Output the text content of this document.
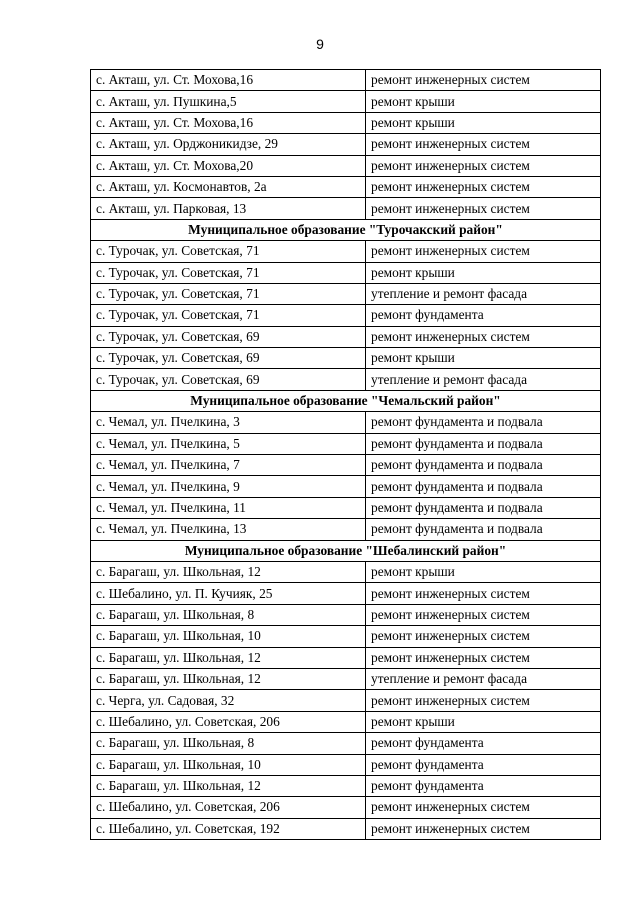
9
с. Акташ, ул. Ст. Мохова,16	ремонт инженерных систем
с. Акташ, ул. Пушкина,5	ремонт крыши
с. Акташ, ул. Ст. Мохова,16	ремонт крыши
с. Акташ, ул. Орджоникидзе, 29	ремонт инженерных систем
с. Акташ, ул. Ст. Мохова,20	ремонт инженерных систем
с. Акташ, ул. Космонавтов, 2а	ремонт инженерных систем
с. Акташ, ул. Парковая, 13	ремонт инженерных систем
Муниципальное образование "Турочакский район"	
с. Турочак, ул. Советская, 71	ремонт инженерных систем
с. Турочак, ул. Советская, 71	ремонт крыши
с. Турочак, ул. Советская, 71	утепление и ремонт фасада
с. Турочак, ул. Советская, 71	ремонт фундамента
с. Турочак, ул. Советская, 69	ремонт инженерных систем
с. Турочак, ул. Советская, 69	ремонт крыши
с. Турочак, ул. Советская, 69	утепление и ремонт фасада
Муниципальное образование "Чемальский район"	
с. Чемал, ул. Пчелкина, 3	ремонт фундамента и подвала
с. Чемал, ул. Пчелкина, 5	ремонт фундамента и подвала
с. Чемал, ул. Пчелкина, 7	ремонт фундамента и подвала
с. Чемал, ул. Пчелкина, 9	ремонт фундамента и подвала
с. Чемал, ул. Пчелкина, 11	ремонт фундамента и подвала
с. Чемал, ул. Пчелкина, 13	ремонт фундамента и подвала
Муниципальное образование "Шебалинский район"	
с. Барагаш, ул. Школьная, 12	ремонт крыши
с. Шебалино, ул. П. Кучияк, 25	ремонт инженерных систем
с. Барагаш, ул. Школьная, 8	ремонт инженерных систем
с. Барагаш, ул. Школьная, 10	ремонт инженерных систем
с. Барагаш, ул. Школьная, 12	ремонт инженерных систем
с. Барагаш, ул. Школьная, 12	утепление и ремонт фасада
с. Черга, ул. Садовая, 32	ремонт инженерных систем
с. Шебалино, ул. Советская, 206	ремонт крыши
с. Барагаш, ул. Школьная, 8	ремонт фундамента
с. Барагаш, ул. Школьная, 10	ремонт фундамента
с. Барагаш, ул. Школьная, 12	ремонт фундамента
с. Шебалино, ул. Советская, 206	ремонт инженерных систем
с. Шебалино, ул. Советская, 192	ремонт инженерных систем
